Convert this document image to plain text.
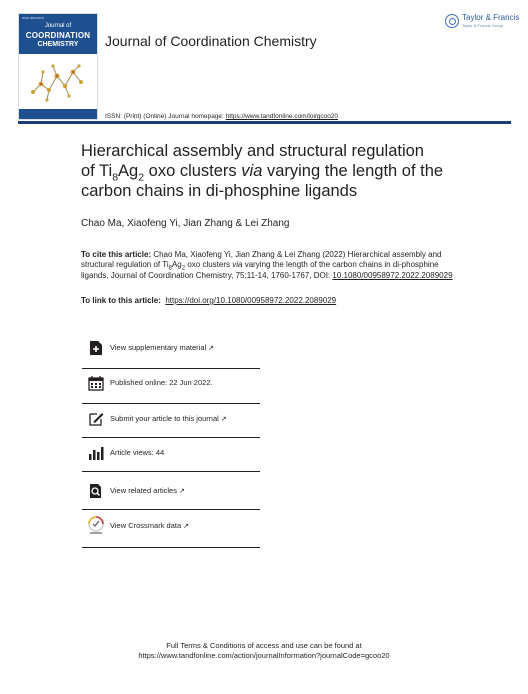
ISSN 0095-8972
Journal of
COORDINATION
CHEMISTRY	Journal of Coordination Chemistry
Taylor & Francis
Taylor & Francis Group
ISSN: (Print) (Online) Journal homepage: https://www.tandfonline.com/loi/gcoo20
Hierarchical assembly and structural regulation
of $Ti_8Ag_2$ oxo clusters via varying the length of the
carbon chains in di-phosphine ligands
Chao Ma, Xiaofeng Yi, Jian Zhang & Lei Zhang
To cite this article: Chao Ma, Xiaofeng Yi, Jian Zhang & Lei Zhang (2022) Hierarchical assembly and structural regulation of $Ti_8Ag_2$ oxo clusters via varying the length of the carbon chains in di-phosphine ligands, Journal of Coordination Chemistry, 75:11-14, 1760-1767, DOI: 10.1080/00958972.2022.2089029
To link to this article: https://doi.org/10.1080/00958972.2022.2089029
View supplementary material ↗
Published online: 22 Jun 2022.
Submit your article to this journal ↗
Article views: 44
View related articles ↗
View Crossmark data ↗
Full Terms & Conditions of access and use can be found at
https://www.tandfonline.com/action/journalInformation?journalCode=gcoo20
